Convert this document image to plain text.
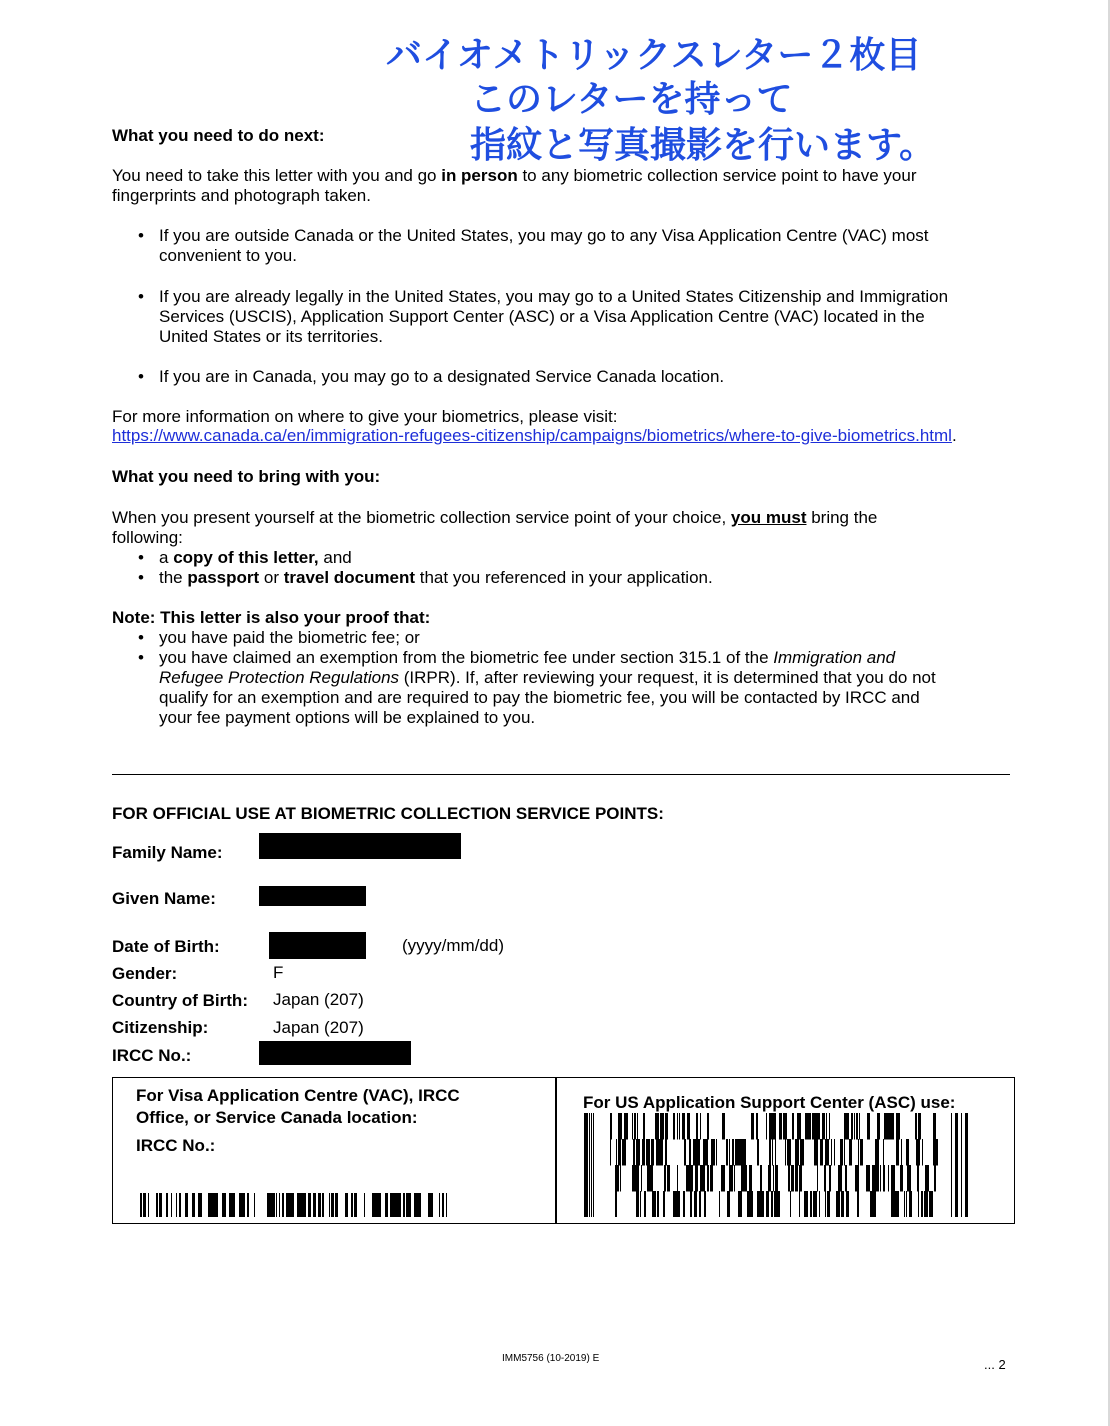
バイオメトリックスレター２枚目
このレターを持って
指紋と写真撮影を行います。
What you need to do next:
You need to take this letter with you and go in person to any biometric collection service point to have your
fingerprints and photograph taken.
• If you are outside Canada or the United States, you may go to any Visa Application Centre (VAC) most
convenient to you.
• If you are already legally in the United States, you may go to a United States Citizenship and Immigration
Services (USCIS), Application Support Center (ASC) or a Visa Application Centre (VAC) located in the
United States or its territories.
• If you are in Canada, you may go to a designated Service Canada location.
For more information on where to give your biometrics, please visit:
https://www.canada.ca/en/immigration-refugees-citizenship/campaigns/biometrics/where-to-give-biometrics.html.
What you need to bring with you:
When you present yourself at the biometric collection service point of your choice, you must bring the
following:
• a copy of this letter, and
• the passport or travel document that you referenced in your application.
Note: This letter is also your proof that:
• you have paid the biometric fee; or
• you have claimed an exemption from the biometric fee under section 315.1 of the Immigration and
Refugee Protection Regulations (IRPR). If, after reviewing your request, it is determined that you do not
qualify for an exemption and are required to pay the biometric fee, you will be contacted by IRCC and
your fee payment options will be explained to you.
FOR OFFICIAL USE AT BIOMETRIC COLLECTION SERVICE POINTS:
Family Name:
Given Name:
Date of Birth:	(yyyy/mm/dd)
Gender:	F
Country of Birth: Japan (207)
Citizenship:	Japan (207)
IRCC No.:
For Visa Application Centre (VAC), IRCC
Office, or Service Canada location:
IRCC No.:
For US Application Support Center (ASC) use:
IMM5756 (10-2019) E	... 2
